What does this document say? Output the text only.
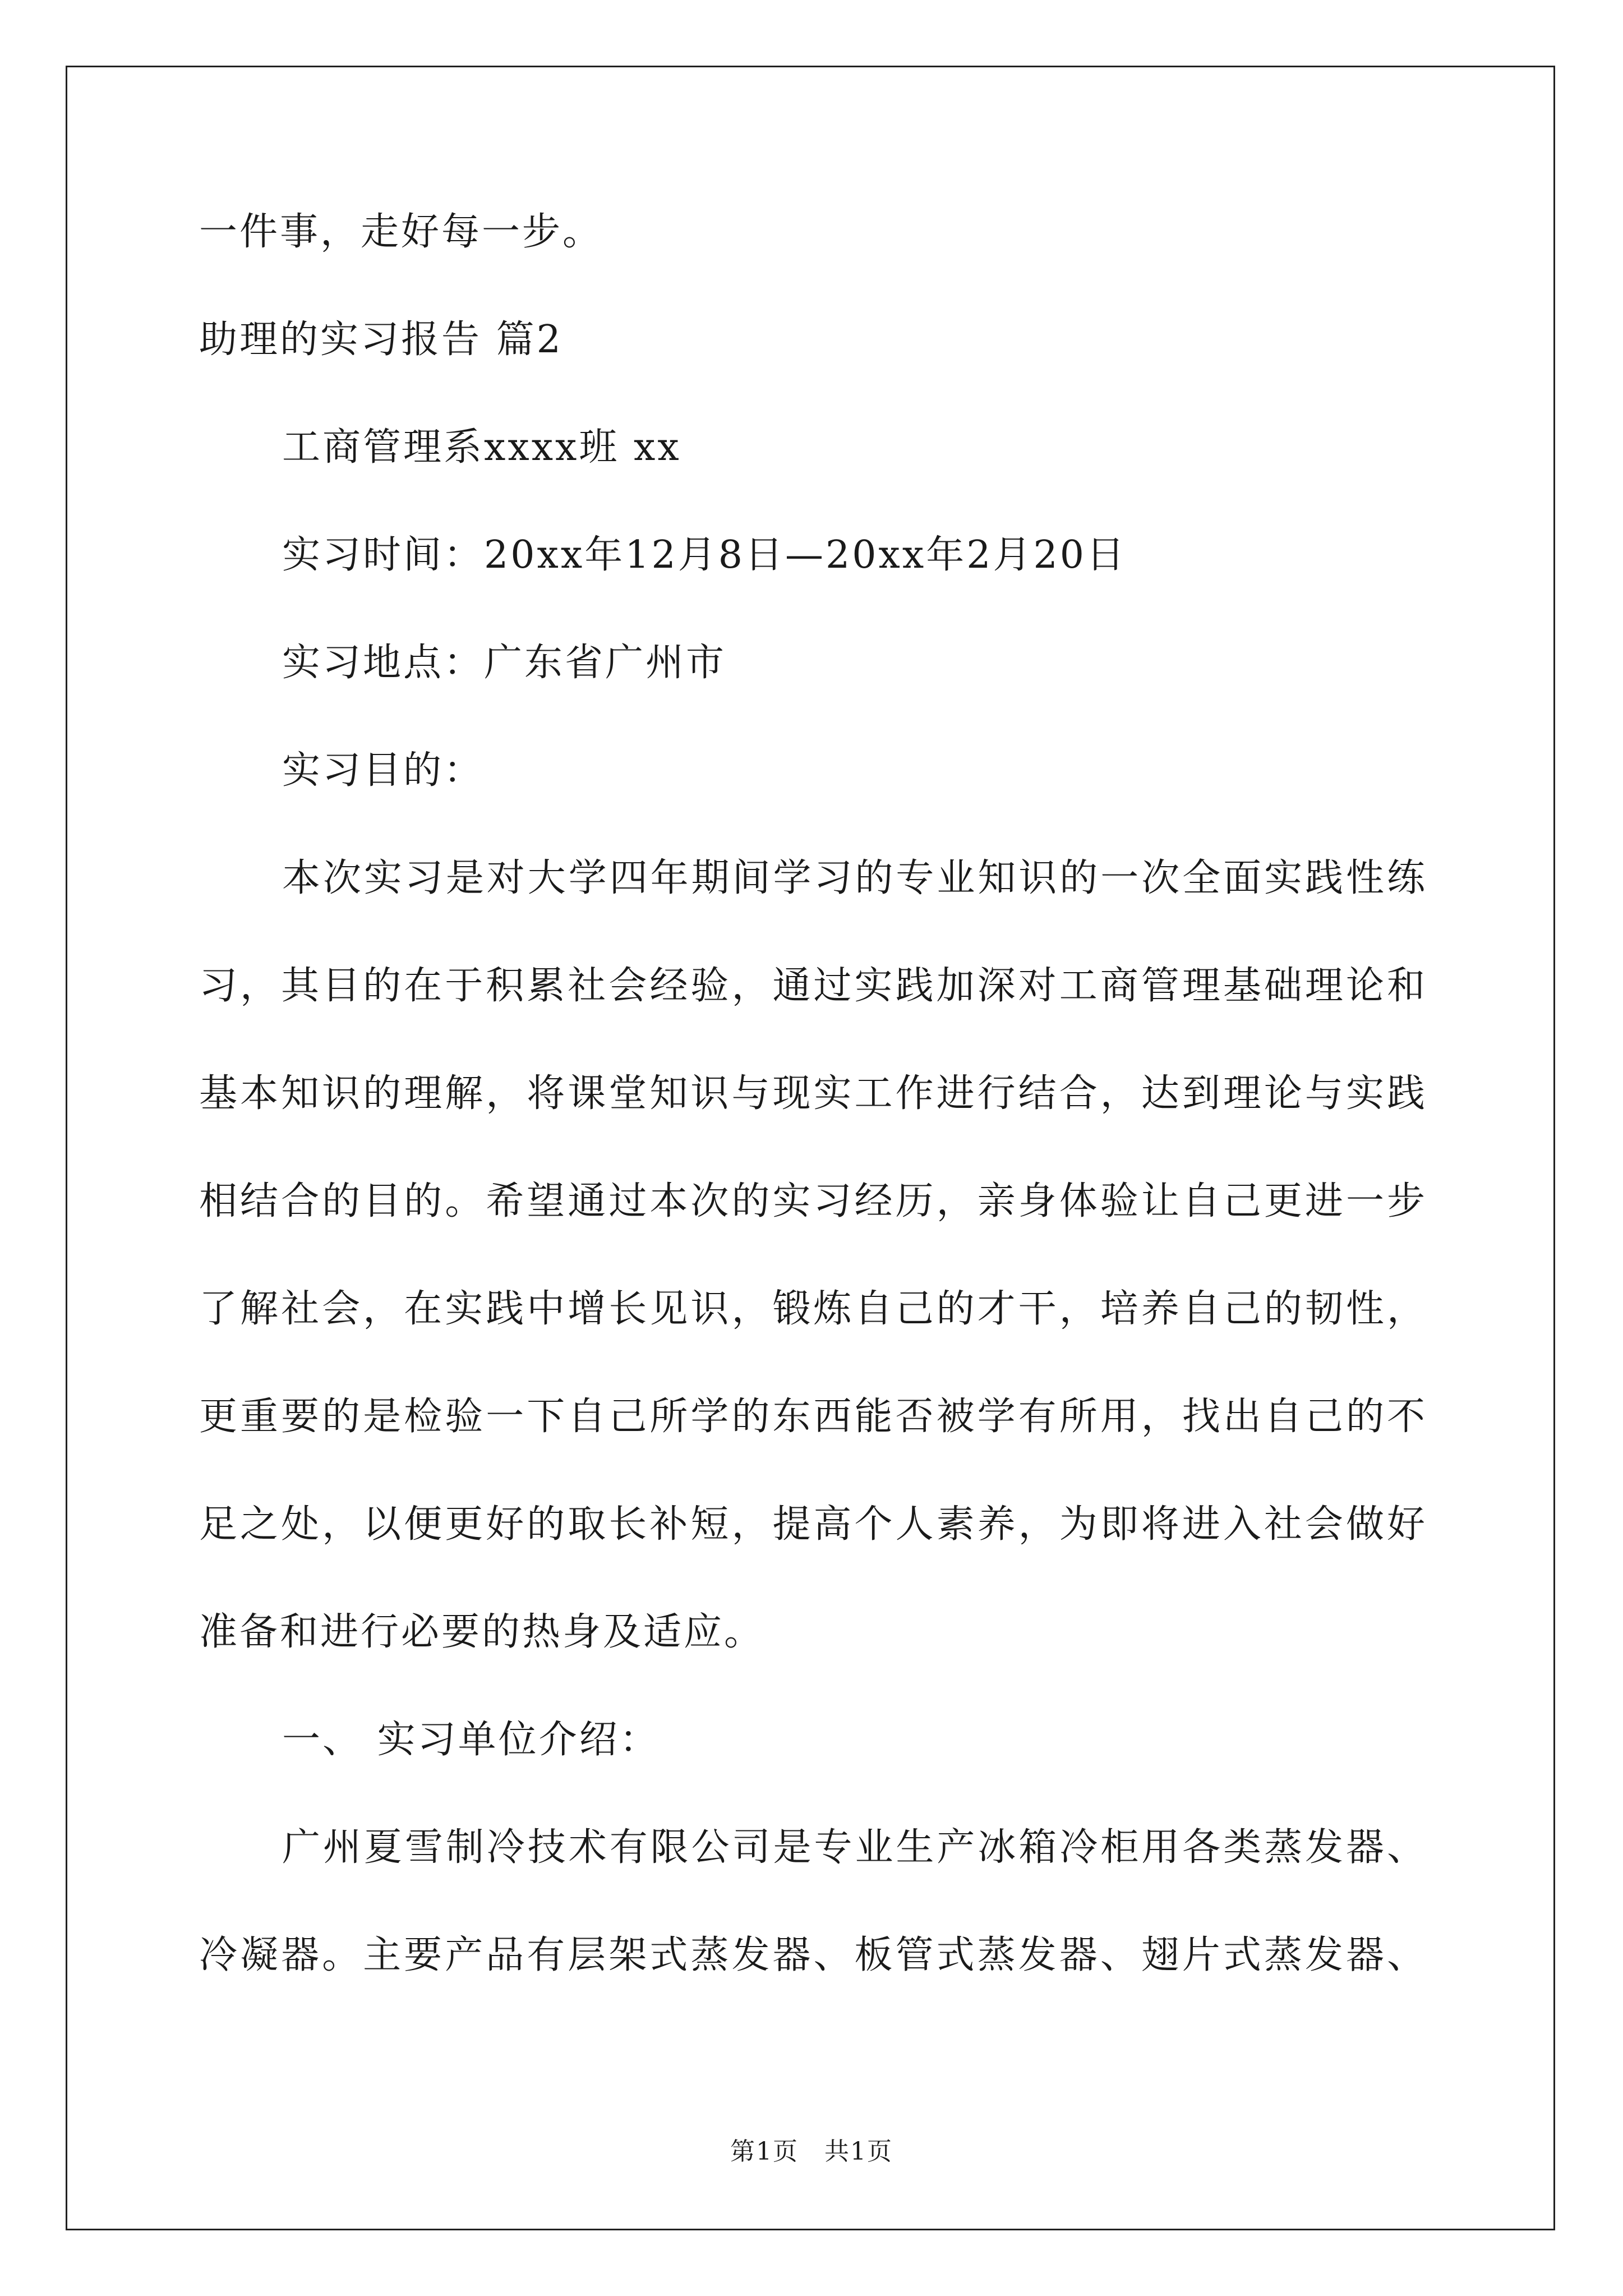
一件事，走好每一步。

助理的实习报告 篇2

工商管理系xxxx班 xx

实习时间：20xx年12月8日—20xx年2月20日

实习地点：广东省广州市

实习目的：

本次实习是对大学四年期间学习的专业知识的一次全面实践性练

习，其目的在于积累社会经验，通过实践加深对工商管理基础理论和

基本知识的理解，将课堂知识与现实工作进行结合，达到理论与实践

相结合的目的。希望通过本次的实习经历，亲身体验让自己更进一步

了解社会，在实践中增长见识，锻炼自己的才干，培养自己的韧性，

更重要的是检验一下自己所学的东西能否被学有所用，找出自己的不

足之处，以便更好的取长补短，提高个人素养，为即将进入社会做好

准备和进行必要的热身及适应。

一、 实习单位介绍：

广州夏雪制冷技术有限公司是专业生产冰箱冷柜用各类蒸发器、

冷凝器。主要产品有层架式蒸发器、板管式蒸发器、翅片式蒸发器、

第1页　共1页
